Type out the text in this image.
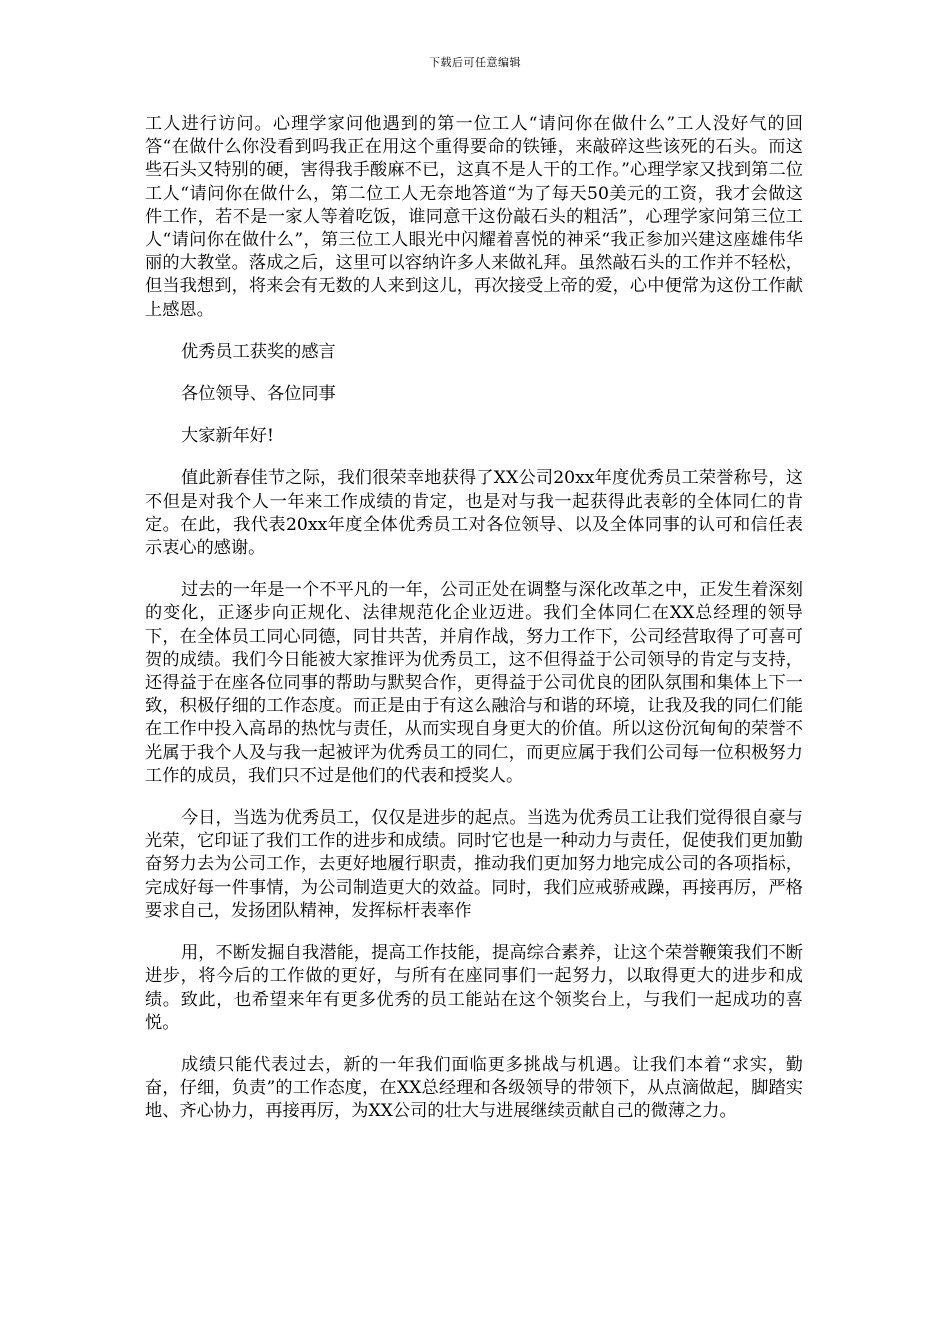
下载后可任意编辑

工人进行访问。心理学家问他遇到的第一位工人“请问你在做什么”工人没好气的回答“在做什么你没看到吗我正在用这个重得要命的铁锤，来敲碎这些该死的石头。而这些石头又特别的硬，害得我手酸麻不已，这真不是人干的工作。”心理学家又找到第二位工人“请问你在做什么，第二位工人无奈地答道“为了每天50美元的工资，我才会做这件工作，若不是一家人等着吃饭，谁同意干这份敲石头的粗活”，心理学家问第三位工人“请问你在做什么”，第三位工人眼光中闪耀着喜悦的神采“我正参加兴建这座雄伟华丽的大教堂。落成之后，这里可以容纳许多人来做礼拜。虽然敲石头的工作并不轻松，但当我想到，将来会有无数的人来到这儿，再次接受上帝的爱，心中便常为这份工作献上感恩。

优秀员工获奖的感言

各位领导、各位同事

大家新年好!

值此新春佳节之际，我们很荣幸地获得了XX公司20xx年度优秀员工荣誉称号，这不但是对我个人一年来工作成绩的肯定，也是对与我一起获得此表彰的全体同仁的肯定。在此，我代表20xx年度全体优秀员工对各位领导、以及全体同事的认可和信任表示衷心的感谢。

过去的一年是一个不平凡的一年，公司正处在调整与深化改革之中，正发生着深刻的变化，正逐步向正规化、法律规范化企业迈进。我们全体同仁在XX总经理的领导下，在全体员工同心同德，同甘共苦，并肩作战，努力工作下，公司经营取得了可喜可贺的成绩。我们今日能被大家推评为优秀员工，这不但得益于公司领导的肯定与支持，还得益于在座各位同事的帮助与默契合作，更得益于公司优良的团队氛围和集体上下一致，积极仔细的工作态度。而正是由于有这么融洽与和谐的环境，让我及我的同仁们能在工作中投入高昂的热忱与责任，从而实现自身更大的价值。所以这份沉甸甸的荣誉不光属于我个人及与我一起被评为优秀员工的同仁，而更应属于我们公司每一位积极努力工作的成员，我们只不过是他们的代表和授奖人。

今日，当选为优秀员工，仅仅是进步的起点。当选为优秀员工让我们觉得很自豪与光荣，它印证了我们工作的进步和成绩。同时它也是一种动力与责任，促使我们更加勤奋努力去为公司工作，去更好地履行职责，推动我们更加努力地完成公司的各项指标，完成好每一件事情，为公司制造更大的效益。同时，我们应戒骄戒躁，再接再厉，严格要求自己，发扬团队精神，发挥标杆表率作

用，不断发掘自我潜能，提高工作技能，提高综合素养，让这个荣誉鞭策我们不断进步，将今后的工作做的更好，与所有在座同事们一起努力，以取得更大的进步和成绩。致此，也希望来年有更多优秀的员工能站在这个领奖台上，与我们一起成功的喜悦。

成绩只能代表过去，新的一年我们面临更多挑战与机遇。让我们本着“求实，勤奋，仔细，负责”的工作态度，在XX总经理和各级领导的带领下，从点滴做起，脚踏实地、齐心协力，再接再厉，为XX公司的壮大与进展继续贡献自己的微薄之力。
